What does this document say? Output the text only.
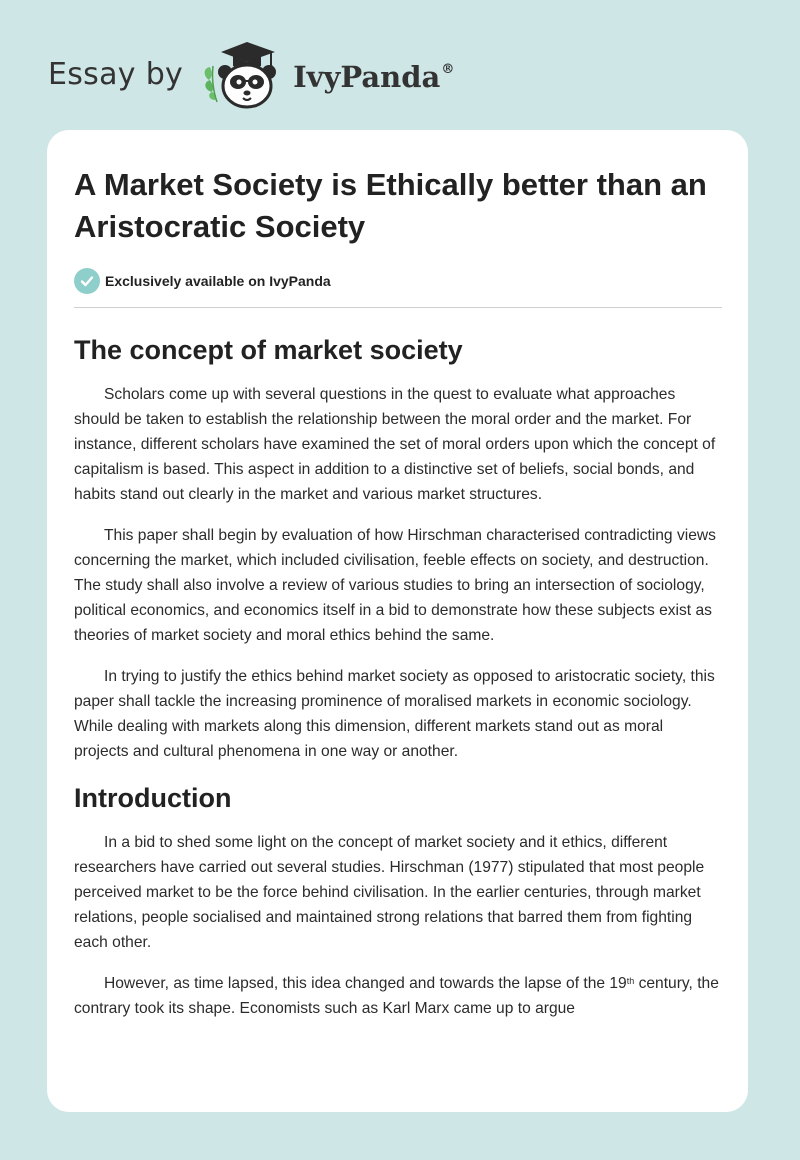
Essay by	IvyPanda®
A Market Society is Ethically better than an Aristocratic Society
Exclusively available on IvyPanda
The concept of market society

Scholars come up with several questions in the quest to evaluate what approaches should be taken to establish the relationship between the moral order and the market. For instance, different scholars have examined the set of moral orders upon which the concept of capitalism is based. This aspect in addition to a distinctive set of beliefs, social bonds, and habits stand out clearly in the market and various market structures.

This paper shall begin by evaluation of how Hirschman characterised contradicting views concerning the market, which included civilisation, feeble effects on society, and destruction. The study shall also involve a review of various studies to bring an intersection of sociology, political economics, and economics itself in a bid to demonstrate how these subjects exist as theories of market society and moral ethics behind the same.

In trying to justify the ethics behind market society as opposed to aristocratic society, this paper shall tackle the increasing prominence of moralised markets in economic sociology. While dealing with markets along this dimension, different markets stand out as moral projects and cultural phenomena in one way or another.

Introduction

In a bid to shed some light on the concept of market society and it ethics, different researchers have carried out several studies. Hirschman (1977) stipulated that most people perceived market to be the force behind civilisation. In the earlier centuries, through market relations, people socialised and maintained strong relations that barred them from fighting each other.

However, as time lapsed, this idea changed and towards the lapse of the 19th century, the contrary took its shape. Economists such as Karl Marx came up to argue
